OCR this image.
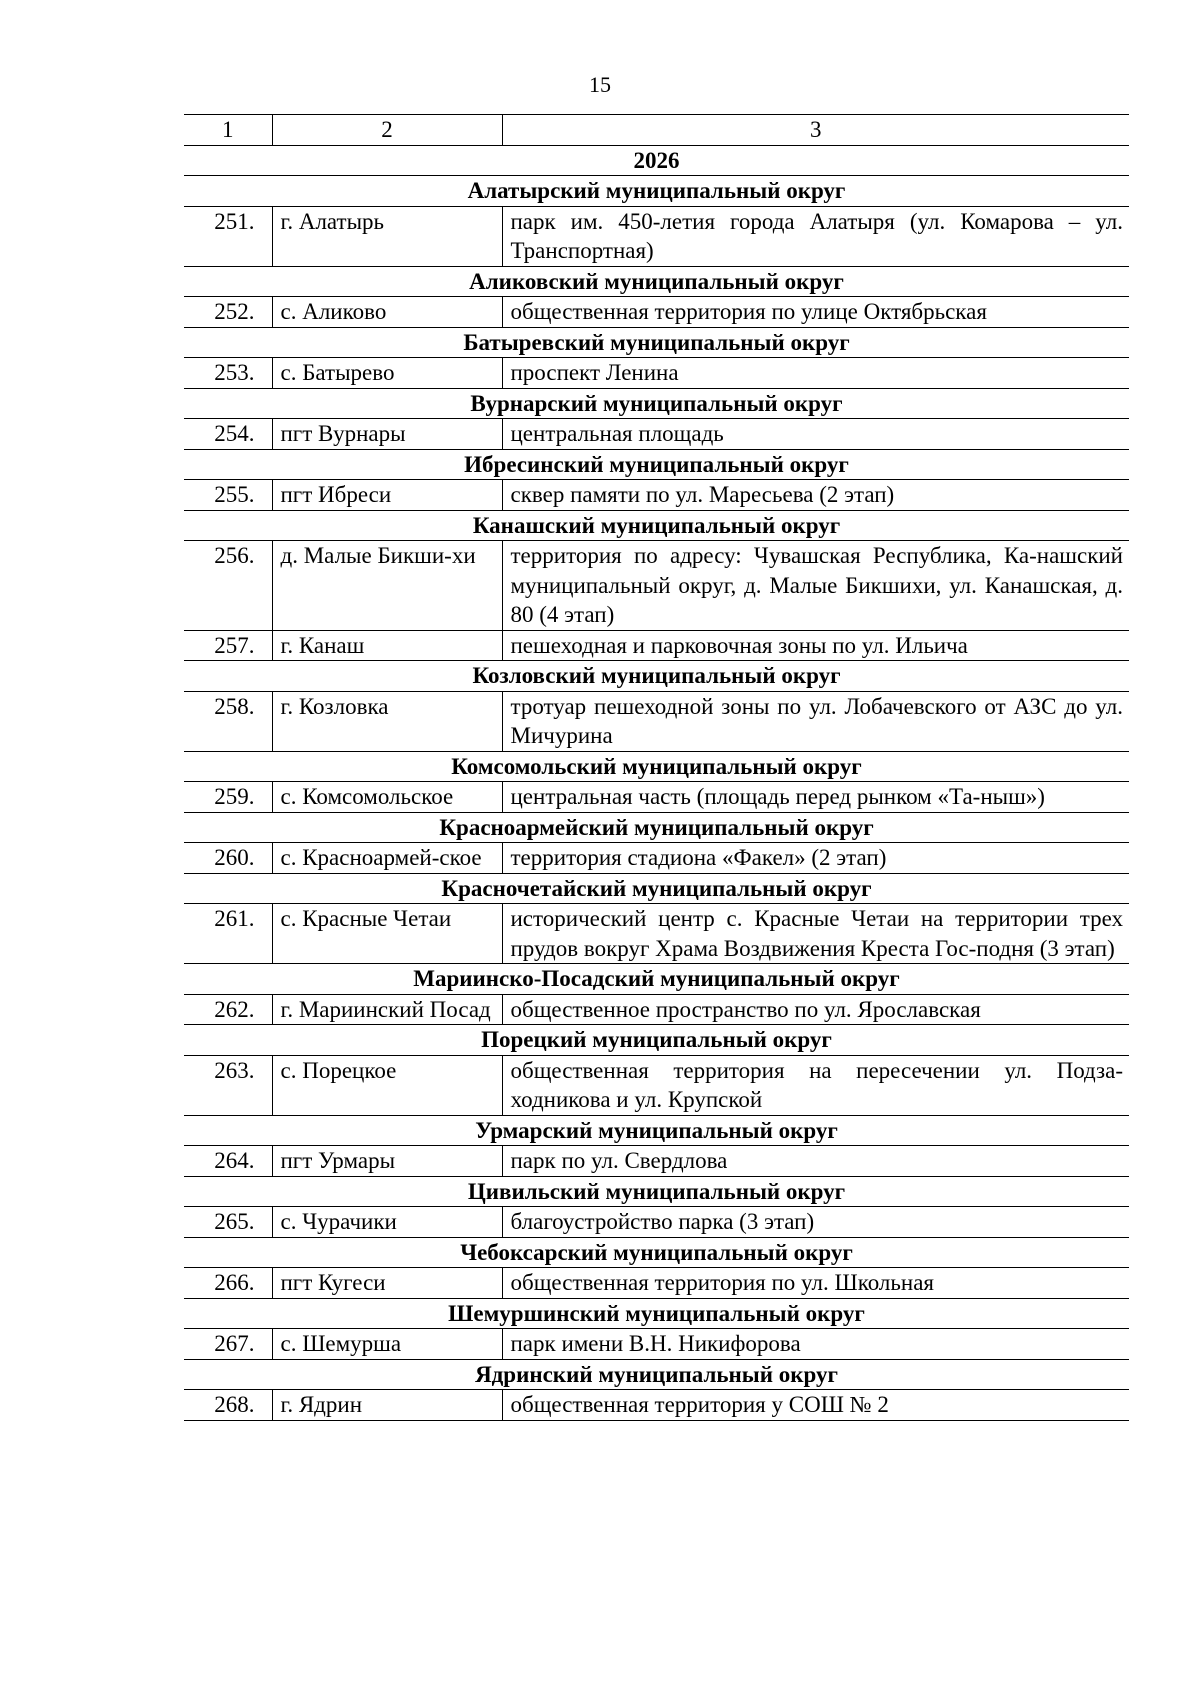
15
1	2	3
2026		
Алатырский муниципальный округ		
251.	г. Алатырь	парк им. 450-летия города Алатыря (ул. Комарова – ул. Транспортная)
Аликовский муниципальный округ		
252.	с. Аликово	общественная территория по улице Октябрьская
Батыревский муниципальный округ		
253.	с. Батырево	проспект Ленина
Вурнарский муниципальный округ		
254.	пгт Вурнары	центральная площадь
Ибресинский муниципальный округ		
255.	пгт Ибреси	сквер памяти по ул. Маресьева (2 этап)
Канашский муниципальный округ		
256.	д. Малые Бикши-хи	территория по адресу: Чувашская Республика, Ка-нашский муниципальный округ, д. Малые Бикшихи, ул. Канашская, д. 80 (4 этап)
257.	г. Канаш	пешеходная и парковочная зоны по ул. Ильича
Козловский муниципальный округ		
258.	г. Козловка	тротуар пешеходной зоны по ул. Лобачевского от АЗС до ул. Мичурина
Комсомольский муниципальный округ		
259.	с. Комсомольское	центральная часть (площадь перед рынком «Та-ныш»)
Красноармейский муниципальный округ		
260.	с. Красноармей-ское	территория стадиона «Факел» (2 этап)
Красночетайский муниципальный округ		
261.	с. Красные Четаи	исторический центр с. Красные Четаи на территории трех прудов вокруг Храма Воздвижения Креста Гос-подня (3 этап)
Мариинско-Посадский муниципальный округ		
262.	г. Мариинский Посад	общественное пространство по ул. Ярославская
Порецкий муниципальный округ		
263.	с. Порецкое	общественная территория на пересечении ул. Подза-ходникова и ул. Крупской
Урмарский муниципальный округ		
264.	пгт Урмары	парк по ул. Свердлова
Цивильский муниципальный округ		
265.	с. Чурачики	благоустройство парка (3 этап)
Чебоксарский муниципальный округ		
266.	пгт Кугеси	общественная территория по ул. Школьная
Шемуршинский муниципальный округ		
267.	с. Шемурша	парк имени В.Н. Никифорова
Ядринский муниципальный округ		
268.	г. Ядрин	общественная территория у СОШ № 2
